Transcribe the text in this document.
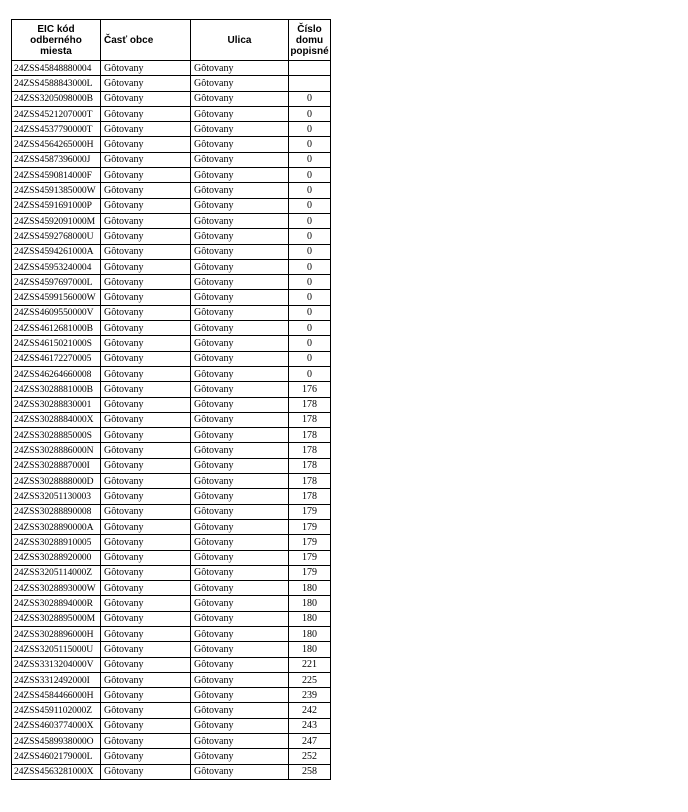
EIC kód odberného miesta	Časť obce	Ulica	Číslo domu popisné
24ZSS45848880004	Gôtovany	Gôtovany	
24ZSS4588843000L	Gôtovany	Gôtovany	
24ZSS3205098000B	Gôtovany	Gôtovany	0
24ZSS4521207000T	Gôtovany	Gôtovany	0
24ZSS4537790000T	Gôtovany	Gôtovany	0
24ZSS4564265000H	Gôtovany	Gôtovany	0
24ZSS4587396000J	Gôtovany	Gôtovany	0
24ZSS4590814000F	Gôtovany	Gôtovany	0
24ZSS4591385000W	Gôtovany	Gôtovany	0
24ZSS4591691000P	Gôtovany	Gôtovany	0
24ZSS4592091000M	Gôtovany	Gôtovany	0
24ZSS4592768000U	Gôtovany	Gôtovany	0
24ZSS4594261000A	Gôtovany	Gôtovany	0
24ZSS45953240004	Gôtovany	Gôtovany	0
24ZSS4597697000L	Gôtovany	Gôtovany	0
24ZSS4599156000W	Gôtovany	Gôtovany	0
24ZSS4609550000V	Gôtovany	Gôtovany	0
24ZSS4612681000B	Gôtovany	Gôtovany	0
24ZSS4615021000S	Gôtovany	Gôtovany	0
24ZSS46172270005	Gôtovany	Gôtovany	0
24ZSS46264660008	Gôtovany	Gôtovany	0
24ZSS3028881000B	Gôtovany	Gôtovany	176
24ZSS30288830001	Gôtovany	Gôtovany	178
24ZSS3028884000X	Gôtovany	Gôtovany	178
24ZSS3028885000S	Gôtovany	Gôtovany	178
24ZSS3028886000N	Gôtovany	Gôtovany	178
24ZSS3028887000I	Gôtovany	Gôtovany	178
24ZSS3028888000D	Gôtovany	Gôtovany	178
24ZSS32051130003	Gôtovany	Gôtovany	178
24ZSS30288890008	Gôtovany	Gôtovany	179
24ZSS3028890000A	Gôtovany	Gôtovany	179
24ZSS30288910005	Gôtovany	Gôtovany	179
24ZSS30288920000	Gôtovany	Gôtovany	179
24ZSS3205114000Z	Gôtovany	Gôtovany	179
24ZSS3028893000W	Gôtovany	Gôtovany	180
24ZSS3028894000R	Gôtovany	Gôtovany	180
24ZSS3028895000M	Gôtovany	Gôtovany	180
24ZSS3028896000H	Gôtovany	Gôtovany	180
24ZSS3205115000U	Gôtovany	Gôtovany	180
24ZSS3313204000V	Gôtovany	Gôtovany	221
24ZSS3312492000I	Gôtovany	Gôtovany	225
24ZSS4584466000H	Gôtovany	Gôtovany	239
24ZSS4591102000Z	Gôtovany	Gôtovany	242
24ZSS4603774000X	Gôtovany	Gôtovany	243
24ZSS4589938000O	Gôtovany	Gôtovany	247
24ZSS4602179000L	Gôtovany	Gôtovany	252
24ZSS4563281000X	Gôtovany	Gôtovany	258
